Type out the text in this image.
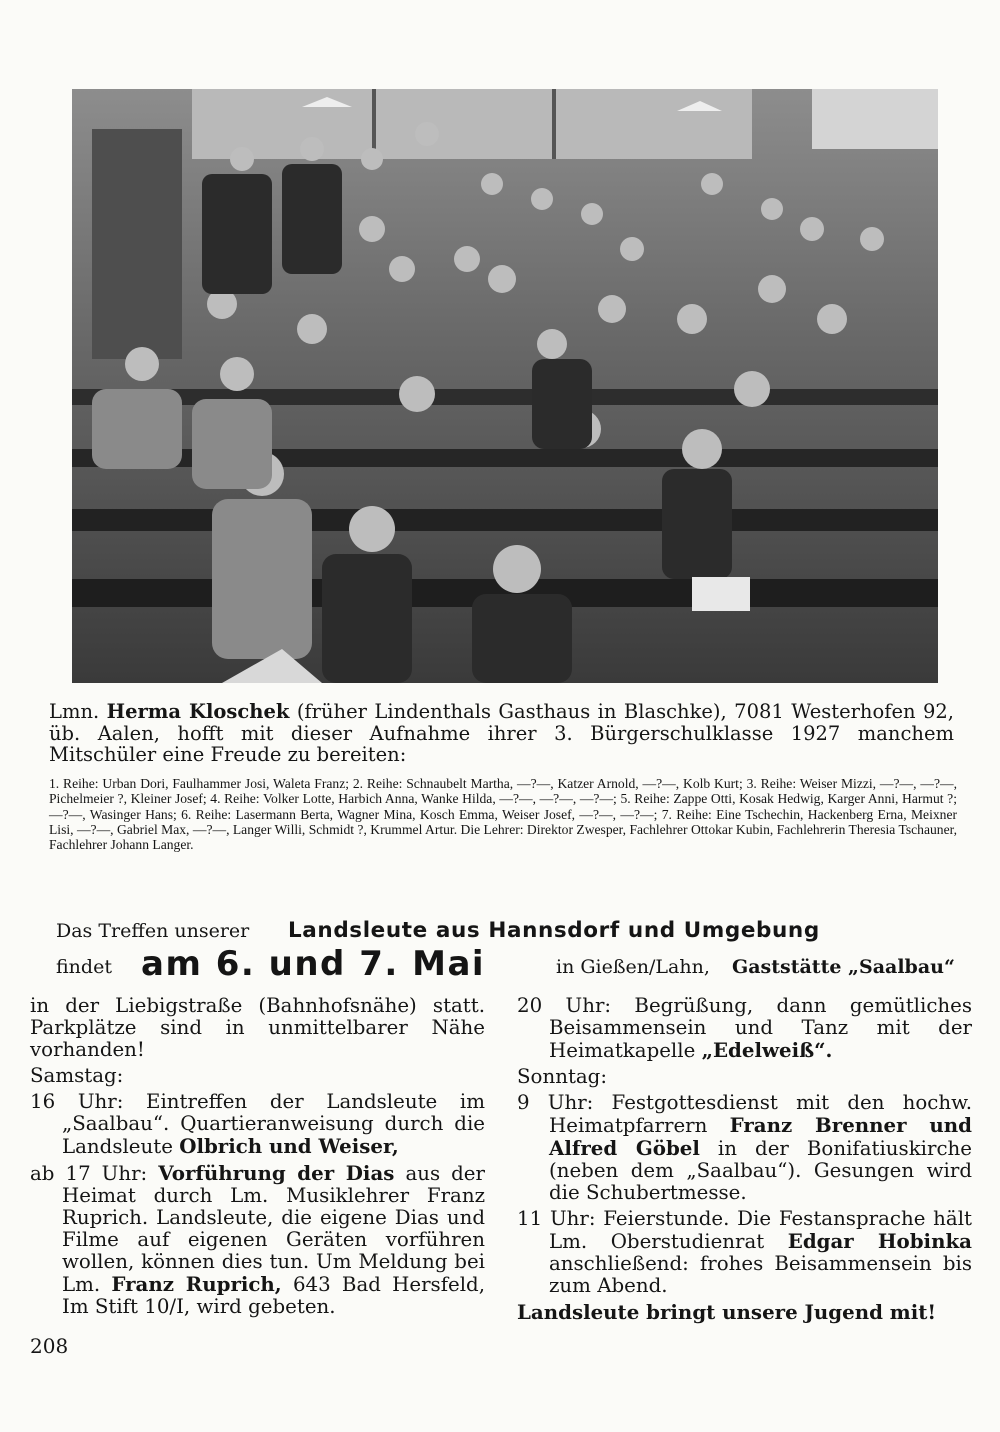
Lmn. Herma Kloschek (früher Lindenthals Gasthaus in Blaschke), 7081 Westerhofen 92, üb. Aalen, hofft mit dieser Aufnahme ihrer 3. Bürgerschulklasse 1927 manchem Mitschüler eine Freude zu bereiten:
1. Reihe: Urban Dori, Faulhammer Josi, Waleta Franz; 2. Reihe: Schnaubelt Martha, —?—, Katzer Arnold, —?—, Kolb Kurt; 3. Reihe: Weiser Mizzi, —?—, —?—, Pichelmeier ?, Kleiner Josef; 4. Reihe: Volker Lotte, Harbich Anna, Wanke Hilda, —?—, —?—, —?—; 5. Reihe: Zappe Otti, Kosak Hedwig, Karger Anni, Harmut ?; —?—, Wasinger Hans; 6. Reihe: Lasermann Berta, Wagner Mina, Kosch Emma, Weiser Josef, —?—, —?—; 7. Reihe: Eine Tschechin, Hackenberg Erna, Meixner Lisi, —?—, Gabriel Max, —?—, Langer Willi, Schmidt ?, Krummel Artur. Die Lehrer: Direktor Zwesper, Fachlehrer Ottokar Kubin, Fachlehrerin Theresia Tschauner, Fachlehrer Johann Langer.
Das Treffen unserer Landsleute aus Hannsdorf und Umgebung
findet am 6. und 7. Mai	in Gießen/Lahn, Gaststätte „Saalbau“

in der Liebigstraße (Bahnhofsnähe) statt. Parkplätze sind in unmittelbarer Nähe vorhanden!

Samstag:

16 Uhr: Eintreffen der Landsleute im „Saalbau“. Quartieranweisung durch die Landsleute Olbrich und Weiser,

ab 17 Uhr: Vorführung der Dias aus der Heimat durch Lm. Musiklehrer Franz Ruprich. Landsleute, die eigene Dias und Filme auf eigenen Geräten vorführen wollen, können dies tun. Um Meldung bei Lm. Franz Ruprich, 643 Bad Hersfeld, Im Stift 10/I, wird gebeten.

20 Uhr: Begrüßung, dann gemütliches Beisammensein und Tanz mit der Heimatkapelle „Edelweiß“.

Sonntag:

9 Uhr: Festgottesdienst mit den hochw. Heimatpfarrern Franz Brenner und Alfred Göbel in der Bonifatiuskirche (neben dem „Saalbau“). Gesungen wird die Schubertmesse.

11 Uhr: Feierstunde. Die Festansprache hält Lm. Oberstudienrat Edgar Hobinka anschließend: frohes Beisammensein bis zum Abend.

Landsleute bringt unsere Jugend mit!

208
